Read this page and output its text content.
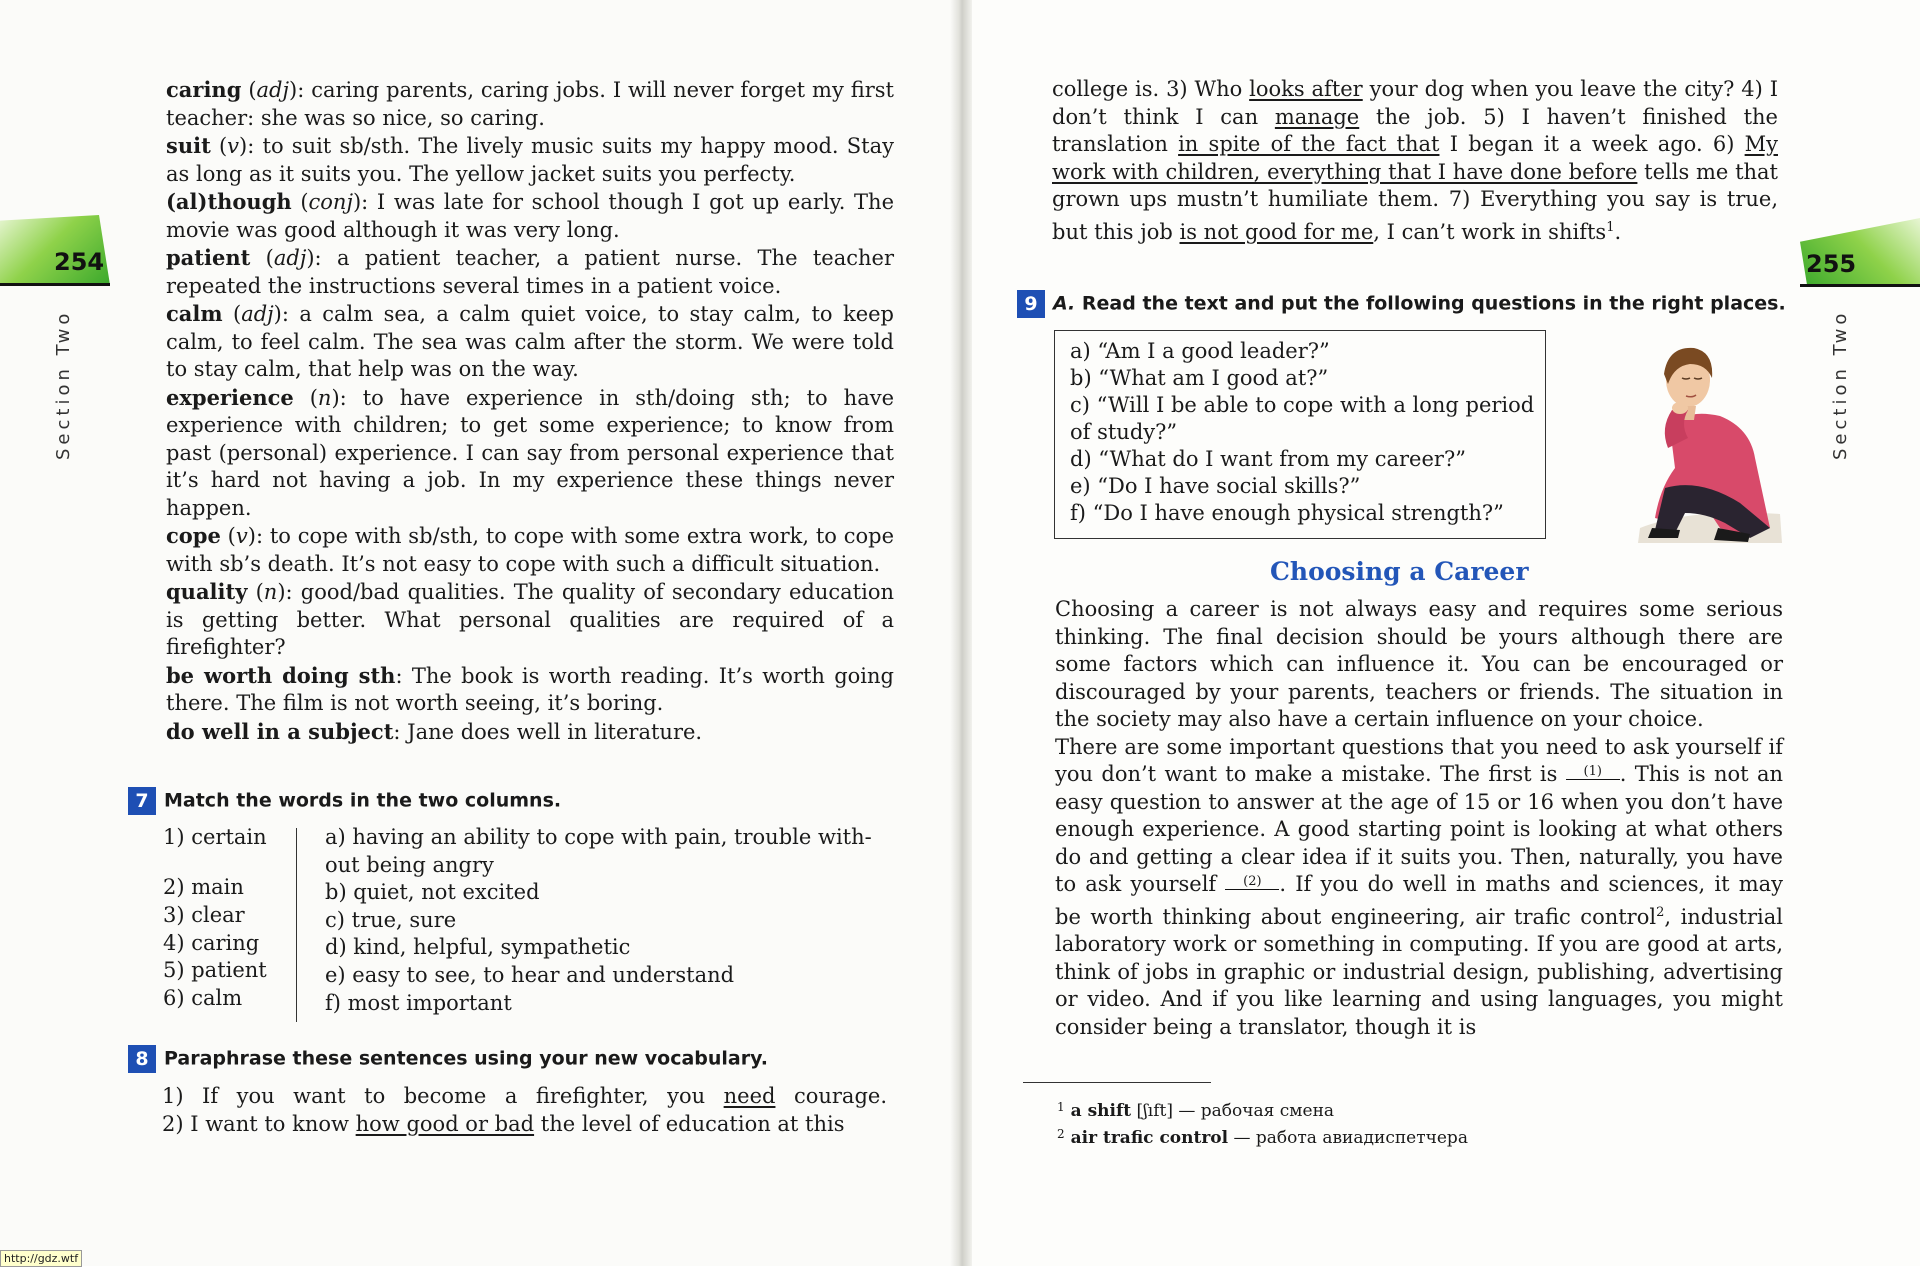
254
Section Two

caring (adj): caring parents, caring jobs. I will never forget my first teacher: she was so nice, so caring.

suit (v): to suit sb/sth. The lively music suits my happy mood. Stay as long as it suits you. The yellow jacket suits you perfecty.

(al)though (conj): I was late for school though I got up early. The movie was good although it was very long.

patient (adj): a patient teacher, a patient nurse. The teacher repeated the instructions several times in a patient voice.

calm (adj): a calm sea, a calm quiet voice, to stay calm, to keep calm, to feel calm. The sea was calm after the storm. We were told to stay calm, that help was on the way.

experience (n): to have experience in sth/doing sth; to have experience with children; to get some experience; to know from past (personal) experience. I can say from personal experience that it’s hard not having a job. In my experience these things never happen.

cope (v): to cope with sb/sth, to cope with some extra work, to cope with sb’s death. It’s not easy to cope with such a difficult situation.

quality (n): good/bad qualities. The quality of secondary education is getting better. What personal qualities are required of a firefighter?

be worth doing sth: The book is worth reading. It’s worth going there. The film is not worth seeing, it’s boring.

do well in a subject: Jane does well in literature.

7 Match the words in the two columns.
1) certain
2) main
3) clear
4) caring
5) patient
6) calm
a) having an ability to cope with pain, trouble with-
out being angry
b) quiet, not excited
c) true, sure
d) kind, helpful, sympathetic
e) easy to see, to hear and understand
f) most important
8 Paraphrase these sentences using your new vocabulary.

1) If you want to become a firefighter, you need courage.

2) I want to know how good or bad the level of education at this

255
Section Two

college is. 3) Who looks after your dog when you leave the city? 4) I don’t think I can manage the job. 5) I haven’t finished the translation in spite of the fact that I began it a week ago. 6) My work with children, everything that I have done before tells me that grown ups mustn’t humiliate them. 7) Everything you say is true, but this job is not good for me, I can’t work in shifts$^1$.

9 A. Read the text and put the following questions in the right places.
a) “Am I a good leader?”
b) “What am I good at?”
c) “Will I be able to cope with a long period
of study?”
d) “What do I want from my career?”
e) “Do I have social skills?”
f) “Do I have enough physical strength?”
Choosing a Career

Choosing a career is not always easy and requires some serious thinking. The final decision should be yours although there are some factors which can influence it. You can be encouraged or discouraged by your parents, teachers or friends. The situation in the society may also have a certain influence on your choice.

There are some important questions that you need to ask yourself if you don’t want to make a mistake. The first is (1) . This is not an easy question to answer at the age of 15 or 16 when you don’t have enough experience. A good starting point is looking at what others do and getting a clear idea if it suits you. Then, naturally, you have to ask yourself (2) . If you do well in maths and sciences, it may be worth thinking about engineering, air trafic control$^2$, industrial laboratory work or something in computing. If you are good at arts, think of jobs in graphic or industrial design, publishing, advertising or video. And if you like learning and using languages, you might consider being a translator, though it is

$^1$ a shift [ʃıft] — рабочая смена
$^2$ air trafic control — работа авиадиспетчера
http://gdz.wtf
